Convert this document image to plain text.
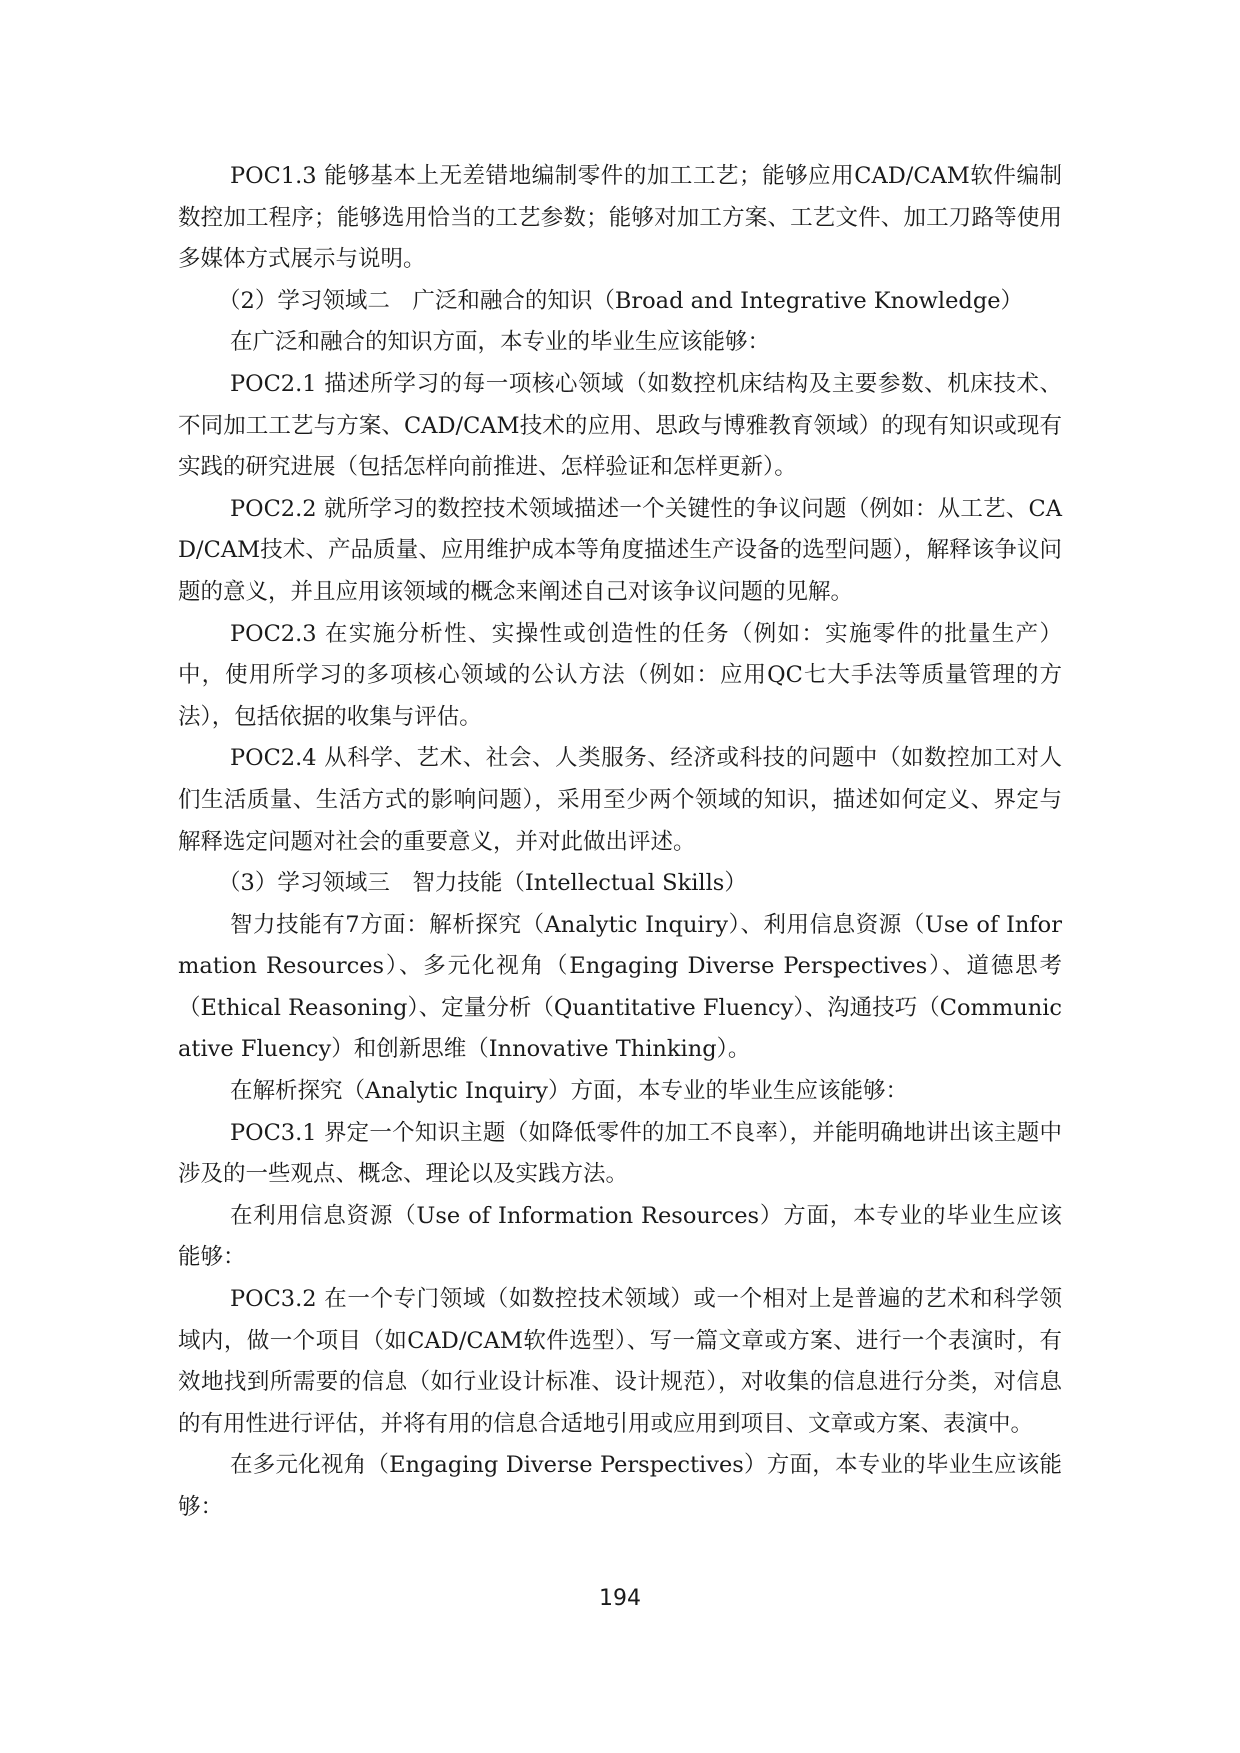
POC1.3 能够基本上无差错地编制零件的加工工艺；能够应用CAD/CAM软件编制数控加工程序；能够选用恰当的工艺参数；能够对加工方案、工艺文件、加工刀路等使用多媒体方式展示与说明。

（2）学习领域二　广泛和融合的知识（Broad and Integrative Knowledge）

在广泛和融合的知识方面，本专业的毕业生应该能够：

POC2.1 描述所学习的每一项核心领域（如数控机床结构及主要参数、机床技术、不同加工工艺与方案、CAD/CAM技术的应用、思政与博雅教育领域）的现有知识或现有实践的研究进展（包括怎样向前推进、怎样验证和怎样更新）。

POC2.2 就所学习的数控技术领域描述一个关键性的争议问题（例如：从工艺、CAD/CAM技术、产品质量、应用维护成本等角度描述生产设备的选型问题），解释该争议问题的意义，并且应用该领域的概念来阐述自己对该争议问题的见解。

POC2.3 在实施分析性、实操性或创造性的任务（例如：实施零件的批量生产）中，使用所学习的多项核心领域的公认方法（例如：应用QC七大手法等质量管理的方法），包括依据的收集与评估。

POC2.4 从科学、艺术、社会、人类服务、经济或科技的问题中（如数控加工对人们生活质量、生活方式的影响问题），采用至少两个领域的知识，描述如何定义、界定与解释选定问题对社会的重要意义，并对此做出评述。

（3）学习领域三　智力技能（Intellectual Skills）

智力技能有7方面：解析探究（Analytic Inquiry）、利用信息资源（Use of Information Resources）、多元化视角（Engaging Diverse Perspectives）、道德思考（Ethical Reasoning）、定量分析（Quantitative Fluency）、沟通技巧（Communicative Fluency）和创新思维（Innovative Thinking）。

在解析探究（Analytic Inquiry）方面，本专业的毕业生应该能够：

POC3.1 界定一个知识主题（如降低零件的加工不良率），并能明确地讲出该主题中涉及的一些观点、概念、理论以及实践方法。

在利用信息资源（Use of Information Resources）方面，本专业的毕业生应该能够：

POC3.2 在一个专门领域（如数控技术领域）或一个相对上是普遍的艺术和科学领域内，做一个项目（如CAD/CAM软件选型）、写一篇文章或方案、进行一个表演时，有效地找到所需要的信息（如行业设计标准、设计规范），对收集的信息进行分类，对信息的有用性进行评估，并将有用的信息合适地引用或应用到项目、文章或方案、表演中。

在多元化视角（Engaging Diverse Perspectives）方面，本专业的毕业生应该能够：

194
